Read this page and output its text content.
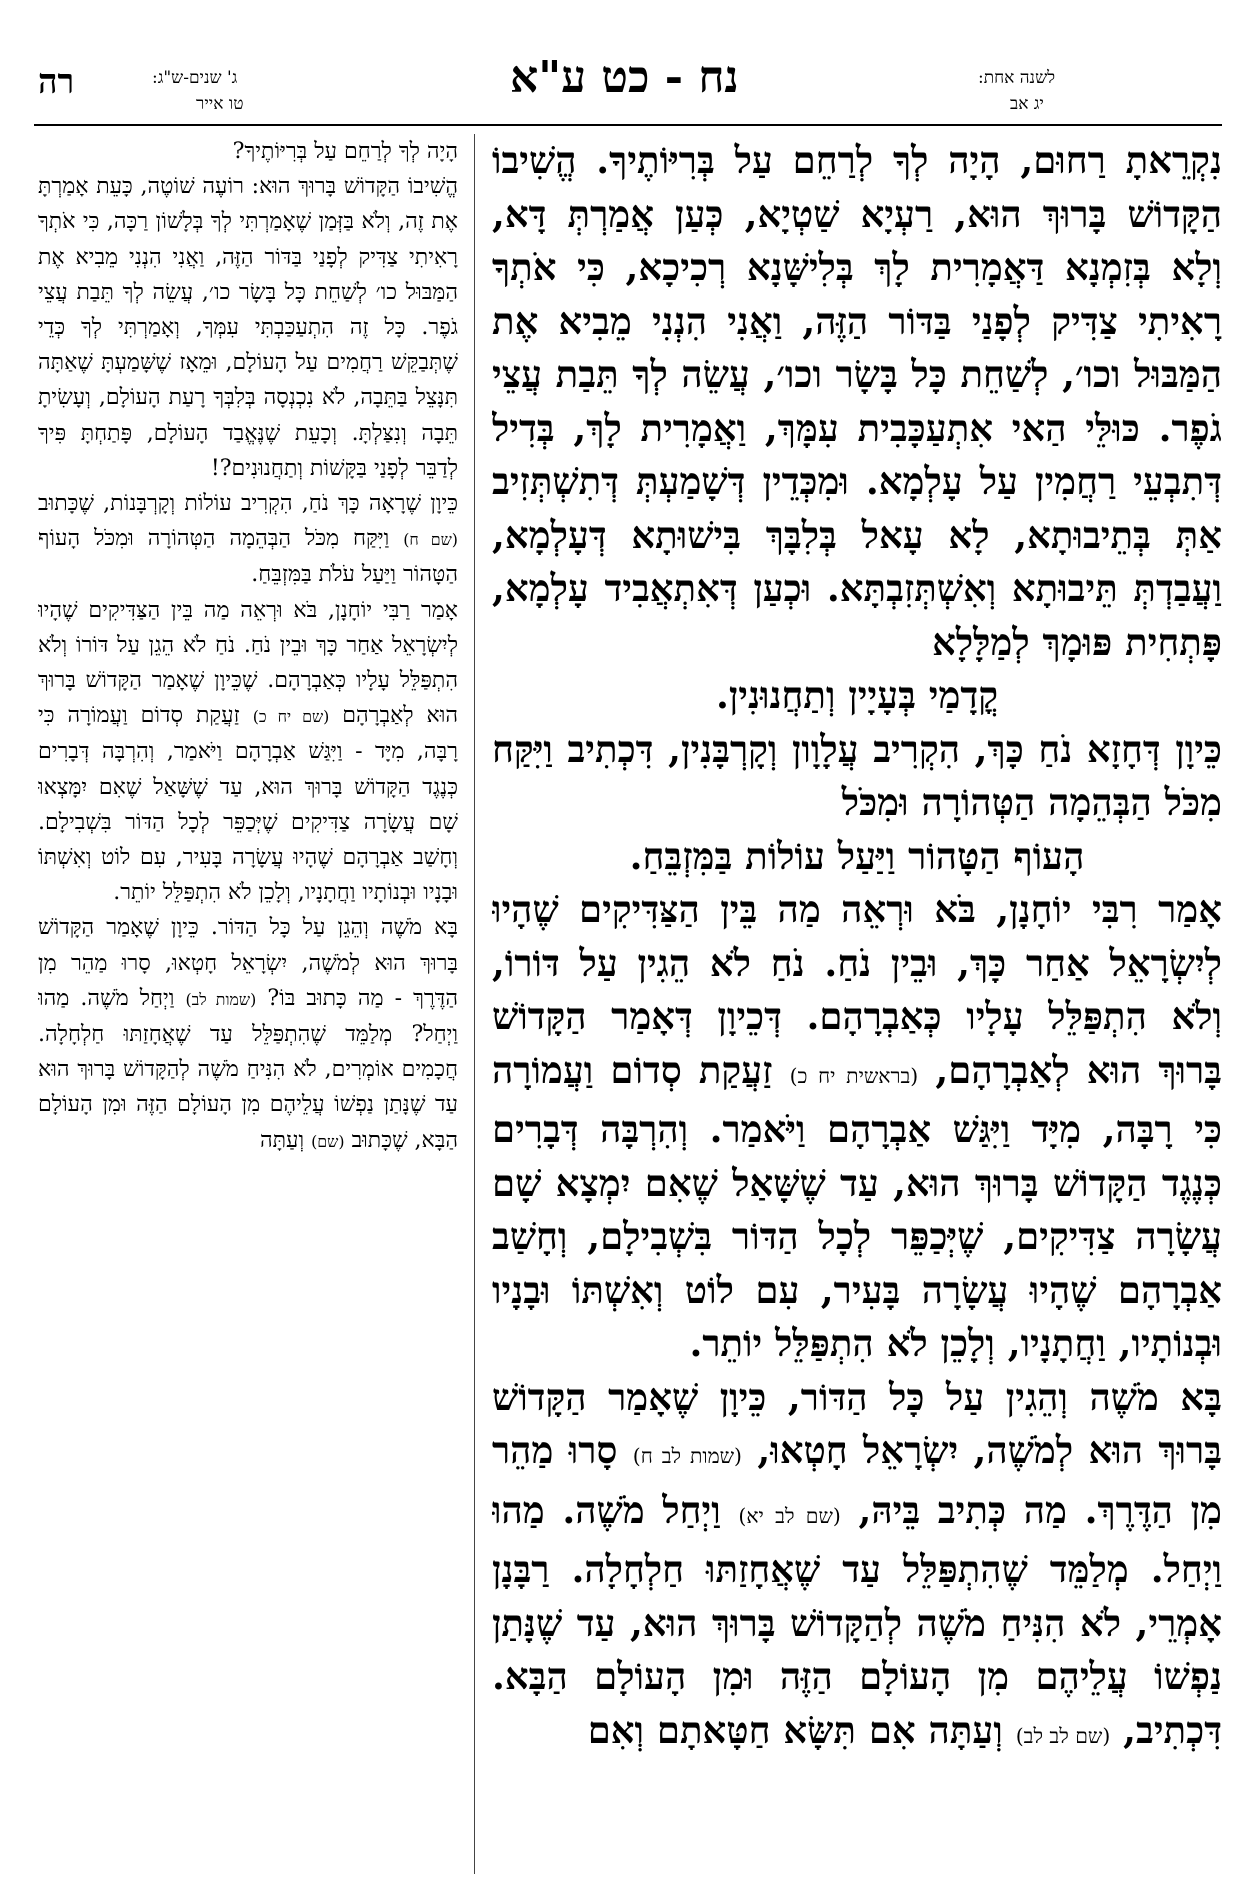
לשנה אחת:
יג אב
נח - כט ע"א
ג' שנים-ש"ג:
טו אייר
רה

נִקְרֵאתָ רַחוּם, הָיָה לְךָ לְרַחֵם עַל בְּרִיּוֹתֶיךָ. הֱשִׁיבוֹ הַקָּדוֹשׁ בָּרוּךְ הוּא, רַעְיָא שַׁטְיָא, כְּעַן אֲמַרְתְּ דָּא, וְלָא בְּזִמְנָא דַּאֲמָרִית לָךְ בְּלִישָּׁנָא רְכִיכָא, כִּי אֹתְךָ רָאִיתִי צַדִּיק לְפָנַי בַּדּוֹר הַזֶּה, וַאֲנִי הִנְנִי מֵבִיא אֶת הַמַּבּוּל וכו׳, לְשַׁחֵת כָּל בָּשָׂר וכו׳, עֲשֵׂה לְךָ תֵּבַת עֲצֵי גֹפֶר. כּוּלֵּי הַאי אִתְעַכָּבִית עִמָּךְ, וַאֲמָרִית לָךְ, בְּדִיל דְּתִבְעֵי רַחֲמִין עַל עָלְמָא. וּמִכְּדֵין דְּשָׁמַעְתְּ דְּתִשְׁתְּזִיב אַתְּ בְּתֵיבוּתָא, לָא עָאל בְּלִבָּךְ בִּישׁוּתָא דְּעָלְמָא, וַעֲבַדְתְּ תֵּיבוּתָא וְאִשְׁתְּזִבְתָּא. וּכְעַן דְּאִתְאֲבִיד עָלְמָא, פָּתְחִית פּוּמָךְ לְמַלָּלָא

קֳדָמַי בְּעָיָין וְתַחֲנוּנִין.

כֵּיוָן דְּחָזָא נֹחַ כָּךְ, הִקְרִיב עֲלָוָון וְקָרְבָּנִין, דִּכְתִיב וַיִּקַּח מִכֹּל הַבְּהֵמָה הַטְּהוֹרָה וּמִכֹּל

הָעוֹף הַטָּהוֹר וַיַּעַל עוֹלוֹת בַּמִּזְבֵּחַ.

אָמַר רִבִּי יוֹחָנָן, בֹּא וּרְאֵה מַה בֵּין הַצַּדִּיקִים שֶׁהָיוּ לְיִשְׂרָאֵל אַחַר כָּךְ, וּבֵין נֹחַ. נֹחַ לֹא הֵגִין עַל דּוֹרוֹ, וְלֹא הִתְפַּלֵּל עָלָיו כְּאַבְרָהָם. דְּכֵיוָן דְּאָמַר הַקָּדוֹשׁ בָּרוּךְ הוּא לְאַבְרָהָם, (בראשית יח כ) זַעֲקַת סְדוֹם וַעֲמוֹרָה כִּי רָבָּה, מִיָּד וַיִּגַּשׁ אַבְרָהָם וַיֹּאמַר. וְהִרְבָּה דְּבָרִים כְּנֶגֶד הַקָּדוֹשׁ בָּרוּךְ הוּא, עַד שֶׁשָּׁאַל שֶׁאִם יִמְצָא שָׁם עֲשָׂרָה צַדִּיקִים, שֶׁיְּכַפֵּר לְכָל הַדּוֹר בִּשְׁבִילָם, וְחָשַׁב אַבְרָהָם שֶׁהָיוּ עֲשָׂרָה בָּעִיר, עִם לוֹט וְאִשְׁתּוֹ וּבָנָיו וּבְנוֹתָיו, וַחֲתָנָיו, וְלָכֵן לֹא הִתְפַּלֵּל יוֹתֵר.

בָּא מֹשֶׁה וְהֵגִין עַל כָּל הַדּוֹר, כֵּיוָן שֶׁאָמַר הַקָּדוֹשׁ בָּרוּךְ הוּא לְמֹשֶׁה, יִשְׂרָאֵל חָטְאוּ, (שמות לב ח) סָרוּ מַהֵר מִן הַדֶּרֶךְ. מַה כְּתִיב בֵּיהּ, (שם לב יא) וַיְחַל מֹשֶׁה. מַהוּ וַיְחַל. מְלַמֵּד שֶׁהִתְפַּלֵּל עַד שֶׁאֲחָזַתּוּ חַלְחָלָה. רַבָּנָן אָמְרֵי, לֹא הִנִּיחַ מֹשֶׁה לְהַקָּדוֹשׁ בָּרוּךְ הוּא, עַד שֶׁנָּתַן נַפְשׁוֹ עֲלֵיהֶם מִן הָעוֹלָם הַזֶּה וּמִן הָעוֹלָם הַבָּא. דִּכְתִיב, (שם לב לב) וְעַתָּה אִם תִּשָּׂא חַטָּאתָם וְאִם

הָיָה לְךָ לְרַחֵם עַל בְּרִיּוֹתֶיךָ?

הֱשִׁיבוֹ הַקָּדוֹשׁ בָּרוּךְ הוּא: רוֹעֶה שׁוֹטֶה, כָּעֵת אָמַרְתָּ אֶת זֶה, וְלֹא בַּזְּמַן שֶׁאָמַרְתִּי לְךָ בְּלָשׁוֹן רַכָּה, כִּי אֹתְךָ רָאִיתִי צַדִּיק לְפָנַי בַּדּוֹר הַזֶּה, וַאֲנִי הִנְנִי מֵבִיא אֶת הַמַּבּוּל כו׳ לְשַׁחֵת כָּל בָּשָׂר כו׳, עֲשֵׂה לְךָ תֵּבַת עֲצֵי גֹפֶר. כָּל זֶה הִתְעַכַּבְתִּי עִמְּךָ, וְאָמַרְתִּי לְךָ כְּדֵי שֶׁתְּבַקֵּשׁ רַחֲמִים עַל הָעוֹלָם, וּמֵאָז שֶׁשָּׁמַעְתָּ שֶׁאַתָּה תִּנָּצֵל בַּתֵּבָה, לֹא נִכְנְסָה בְּלִבְּךָ רָעַת הָעוֹלָם, וְעָשִׂיתָ תֵּבָה וְנִצַּלְתָּ. וְכָעֵת שֶׁנֶּאֱבַד הָעוֹלָם, פָּתַחְתָּ פִּיךָ לְדַבֵּר לְפָנַי בַּקָּשׁוֹת וְתַחֲנוּנִים?!

כֵּיוָן שֶׁרָאָה כָּךְ נֹחַ, הִקְרִיב עוֹלוֹת וְקָרְבָּנוֹת, שֶׁכָּתוּב (שם ח) וַיִּקַּח מִכֹּל הַבְּהֵמָה הַטְּהוֹרָה וּמִכֹּל הָעוֹף הַטָּהוֹר וַיַּעַל עֹלֹת בַּמִּזְבֵּחַ.

אָמַר רַבִּי יוֹחָנָן, בֹּא וּרְאֵה מַה בֵּין הַצַּדִּיקִים שֶׁהָיוּ לְיִשְׂרָאֵל אַחַר כָּךְ וּבֵין נֹחַ. נֹחַ לֹא הֵגֵן עַל דּוֹרוֹ וְלֹא הִתְפַּלֵּל עָלָיו כְּאַבְרָהָם. שֶׁכֵּיוָן שֶׁאָמַר הַקָּדוֹשׁ בָּרוּךְ הוּא לְאַבְרָהָם (שם יח כ) זַעֲקַת סְדוֹם וַעֲמוֹרָה כִּי רָבָּה, מִיָּד - וַיִּגַּשׁ אַבְרָהָם וַיֹּאמַר, וְהִרְבָּה דְּבָרִים כְּנֶגֶד הַקָּדוֹשׁ בָּרוּךְ הוּא, עַד שֶׁשָּׁאַל שֶׁאִם יִמָּצְאוּ שָׁם עֲשָׂרָה צַדִּיקִים שֶׁיְּכַפֵּר לְכָל הַדּוֹר בִּשְׁבִילָם. וְחָשַׁב אַבְרָהָם שֶׁהָיוּ עֲשָׂרָה בָּעִיר, עִם לוֹט וְאִשְׁתּוֹ וּבָנָיו וּבְנוֹתָיו וַחֲתָנָיו, וְלָכֵן לֹא הִתְפַּלֵּל יוֹתֵר.

בָּא מֹשֶׁה וְהֵגֵן עַל כָּל הַדּוֹר. כֵּיוָן שֶׁאָמַר הַקָּדוֹשׁ בָּרוּךְ הוּא לְמֹשֶׁה, יִשְׂרָאֵל חָטְאוּ, סָרוּ מַהֵר מִן הַדֶּרֶךְ - מַה כָּתוּב בּוֹ? (שמות לב) וַיְחַל מֹשֶׁה. מַהוּ וַיְחַל? מְלַמֵּד שֶׁהִתְפַּלֵּל עַד שֶׁאֲחָזַתּוּ חַלְחָלָה. חֲכָמִים אוֹמְרִים, לֹא הִנִּיחַ מֹשֶׁה לְהַקָּדוֹשׁ בָּרוּךְ הוּא עַד שֶׁנָּתַן נַפְשׁוֹ עֲלֵיהֶם מִן הָעוֹלָם הַזֶּה וּמִן הָעוֹלָם הַבָּא, שֶׁכָּתוּב (שם) וְעַתָּה
